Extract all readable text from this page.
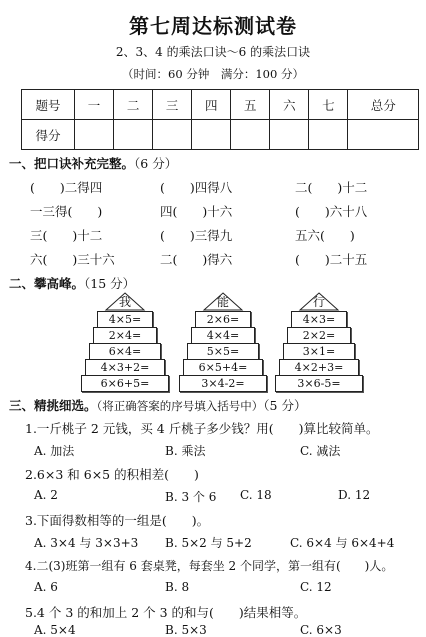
第七周达标测试卷
2、3、4 的乘法口诀～6 的乘法口诀
（时间：60 分钟　满分：100 分）
题号	一	二	三	四	五	六	七	总分
得分								
一、把口诀补充完整。（6 分）
(　　)二得四	(　　)四得八	二(　　)十二
一三得(　　)	四(　　)十六	(　　)六十八
三(　　)十二	(　　)三得九	五六(　　)
六(　　)三十六	二(　　)得六	(　　)二十五
二、攀高峰。（15 分）
我
4×5=
2×4=
6×4=
4×3+2=
6×6+5=
能
2×6=
4×4=
5×5=
6×5+4=
3×4-2=
行
4×3=
2×2=
3×1=
4×2+3=
3×6-5=
三、精挑细选。（将正确答案的序号填入括号中）（5 分）
1.一斤桃子 2 元钱，买 4 斤桃子多少钱？用(　　)算比较简单。
A. 加法	B. 乘法	C. 减法
2.6×3 和 6×5 的积相差(　　)
A. 2	B. 3 个 6 C. 18	D. 12
3.下面得数相等的一组是(　　)。
A. 3×4 与 3×3+3 B. 5×2 与 5+2	C. 6×4 与 6×4+4
4.二(3)班第一组有 6 套桌凳，每套坐 2 个同学，第一组有(　　)人。
A. 6	B. 8	C. 12
5.4 个 3 的和加上 2 个 3 的和与(　　)结果相等。
A. 5×4	B. 5×3	C. 6×3
